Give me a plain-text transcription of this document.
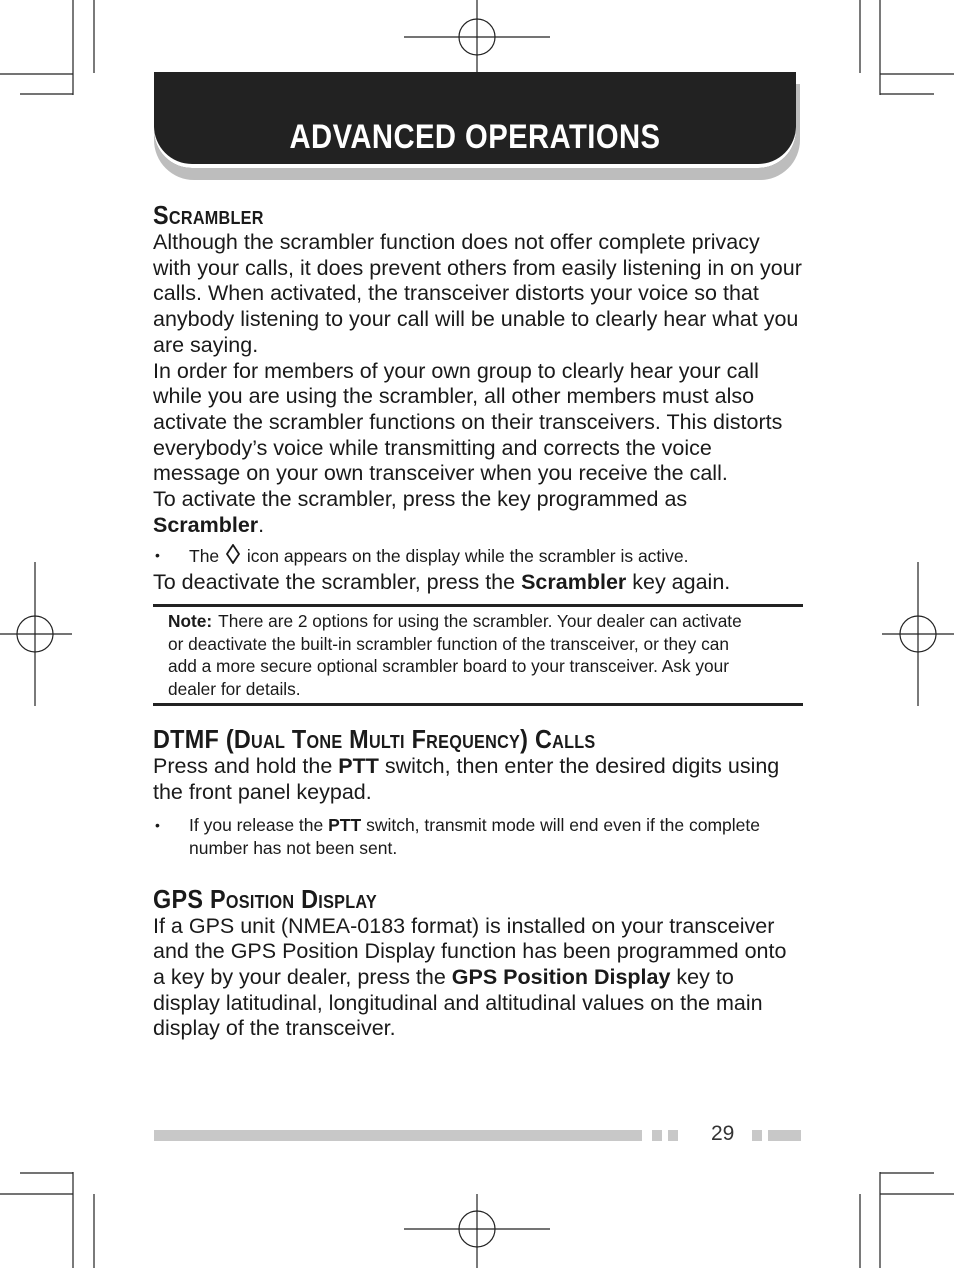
ADVANCED OPERATIONS
Scrambler

Although the scrambler function does not offer complete privacy with your calls, it does prevent others from easily listening in on your calls. When activated, the transceiver distorts your voice so that anybody listening to your call will be unable to clearly hear what you are saying.

In order for members of your own group to clearly hear your call while you are using the scrambler, all other members must also activate the scrambler functions on their transceivers. This distorts everybody’s voice while transmitting and corrects the voice message on your own transceiver when you receive the call.

To activate the scrambler, press the key programmed as Scrambler.

• The icon appears on the display while the scrambler is active.

To deactivate the scrambler, press the Scrambler key again.

Note: There are 2 options for using the scrambler. Your dealer can activate or deactivate the built-in scrambler function of the transceiver, or they can add a more secure optional scrambler board to your transceiver. Ask your dealer for details.
DTMF (Dual Tone Multi Frequency) Calls

Press and hold the PTT switch, then enter the desired digits using the front panel keypad.

• If you release the PTT switch, transmit mode will end even if the complete number has not been sent.
GPS Position Display

If a GPS unit (NMEA-0183 format) is installed on your transceiver and the GPS Position Display function has been programmed onto a key by your dealer, press the GPS Position Display key to display latitudinal, longitudinal and altitudinal values on the main display of the transceiver.

29
